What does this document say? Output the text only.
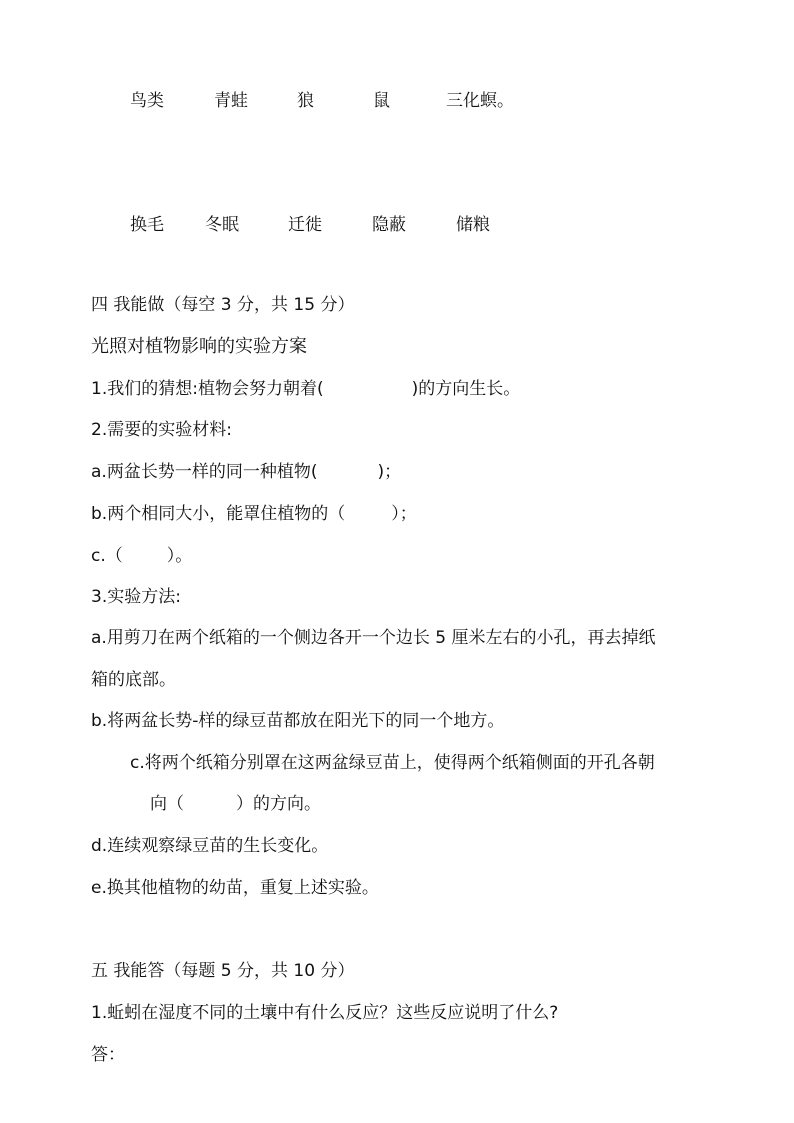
鸟类	青蛙	狼	鼠	三化螟。
换毛 冬眠	迁徙	隐蔽	储粮
四 我能做（每空 3 分，共 15 分）
光照对植物影响的实验方案
1.我们的猜想:植物会努力朝着(	)的方向生长。
2.需要的实验材料:
a.两盆长势一样的同一种植物(	)；
b.两个相同大小，能罩住植物的（	）；
c.（	）。
3.实验方法:
a.用剪刀在两个纸箱的一个侧边各开一个边长 5 厘米左右的小孔，再去掉纸
箱的底部。
b.将两盆长势-样的绿豆苗都放在阳光下的同一个地方。
c.将两个纸箱分别罩在这两盆绿豆苗上，使得两个纸箱侧面的开孔各朝
向（	）的方向。
d.连续观察绿豆苗的生长变化。
e.换其他植物的幼苗，重复上述实验。
五 我能答（每题 5 分，共 10 分）
1.蚯蚓在湿度不同的土壤中有什么反应？这些反应说明了什么?
答：
